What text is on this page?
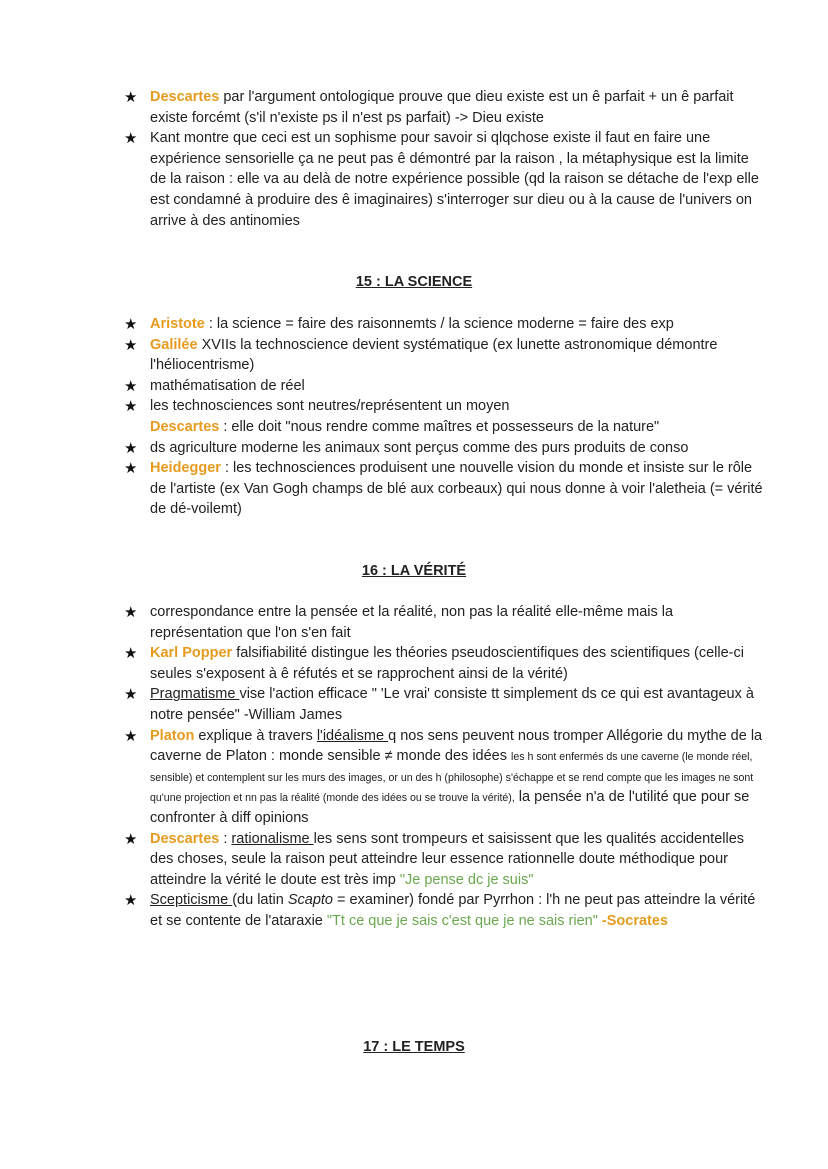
★ Descartes par l'argument ontologique prouve que dieu existe est un ê parfait + un ê parfait existe forcémt (s'il n'existe ps il n'est ps parfait) -> Dieu existe
★ Kant montre que ceci est un sophisme pour savoir si qlqchose existe il faut en faire une expérience sensorielle ça ne peut pas ê démontré par la raison , la métaphysique est la limite de la raison : elle va au delà de notre expérience possible (qd la raison se détache de l'exp elle est condamné à produire des ê imaginaires) s'interroger sur dieu ou à la cause de l'univers on arrive à des antinomies
15 : LA SCIENCE
★ Aristote : la science = faire des raisonnemts / la science moderne = faire des exp
★ Galilée XVIIs la technoscience devient systématique (ex lunette astronomique démontre l'héliocentrisme)
★ mathématisation de réel
★ les technosciences sont neutres/représentent un moyen
Descartes : elle doit "nous rendre comme maîtres et possesseurs de la nature"
★ ds agriculture moderne les animaux sont perçus comme des purs produits de conso
★ Heidegger : les technosciences produisent une nouvelle vision du monde et insiste sur le rôle de l'artiste (ex Van Gogh champs de blé aux corbeaux) qui nous donne à voir l'aletheia (= vérité de dé-voilemt)
16 : LA VÉRITÉ
★ correspondance entre la pensée et la réalité, non pas la réalité elle-même mais la représentation que l'on s'en fait
★ Karl Popper falsifiabilité distingue les théories pseudoscientifiques des scientifiques (celle-ci seules s'exposent à ê réfutés et se rapprochent ainsi de la vérité)
★ Pragmatisme vise l'action efficace " 'Le vrai' consiste tt simplement ds ce qui est avantageux à notre pensée" -William James
★ Platon explique à travers l'idéalisme q nos sens peuvent nous tromper Allégorie du mythe de la caverne de Platon : monde sensible ≠ monde des idées les h sont enfermés ds une caverne (le monde réel, sensible) et contemplent sur les murs des images, or un des h (philosophe) s'échappe et se rend compte que les images ne sont qu'une projection et nn pas la réalité (monde des idées ou se trouve la vérité), la pensée n'a de l'utilité que pour se confronter à diff opinions
★ Descartes : rationalisme les sens sont trompeurs et saisissent que les qualités accidentelles des choses, seule la raison peut atteindre leur essence rationnelle doute méthodique pour atteindre la vérité le doute est très imp "Je pense dc je suis"
★ Scepticisme (du latin Scapto = examiner) fondé par Pyrrhon : l'h ne peut pas atteindre la vérité et se contente de l'ataraxie "Tt ce que je sais c'est que je ne sais rien" -Socrates
17 : LE TEMPS
